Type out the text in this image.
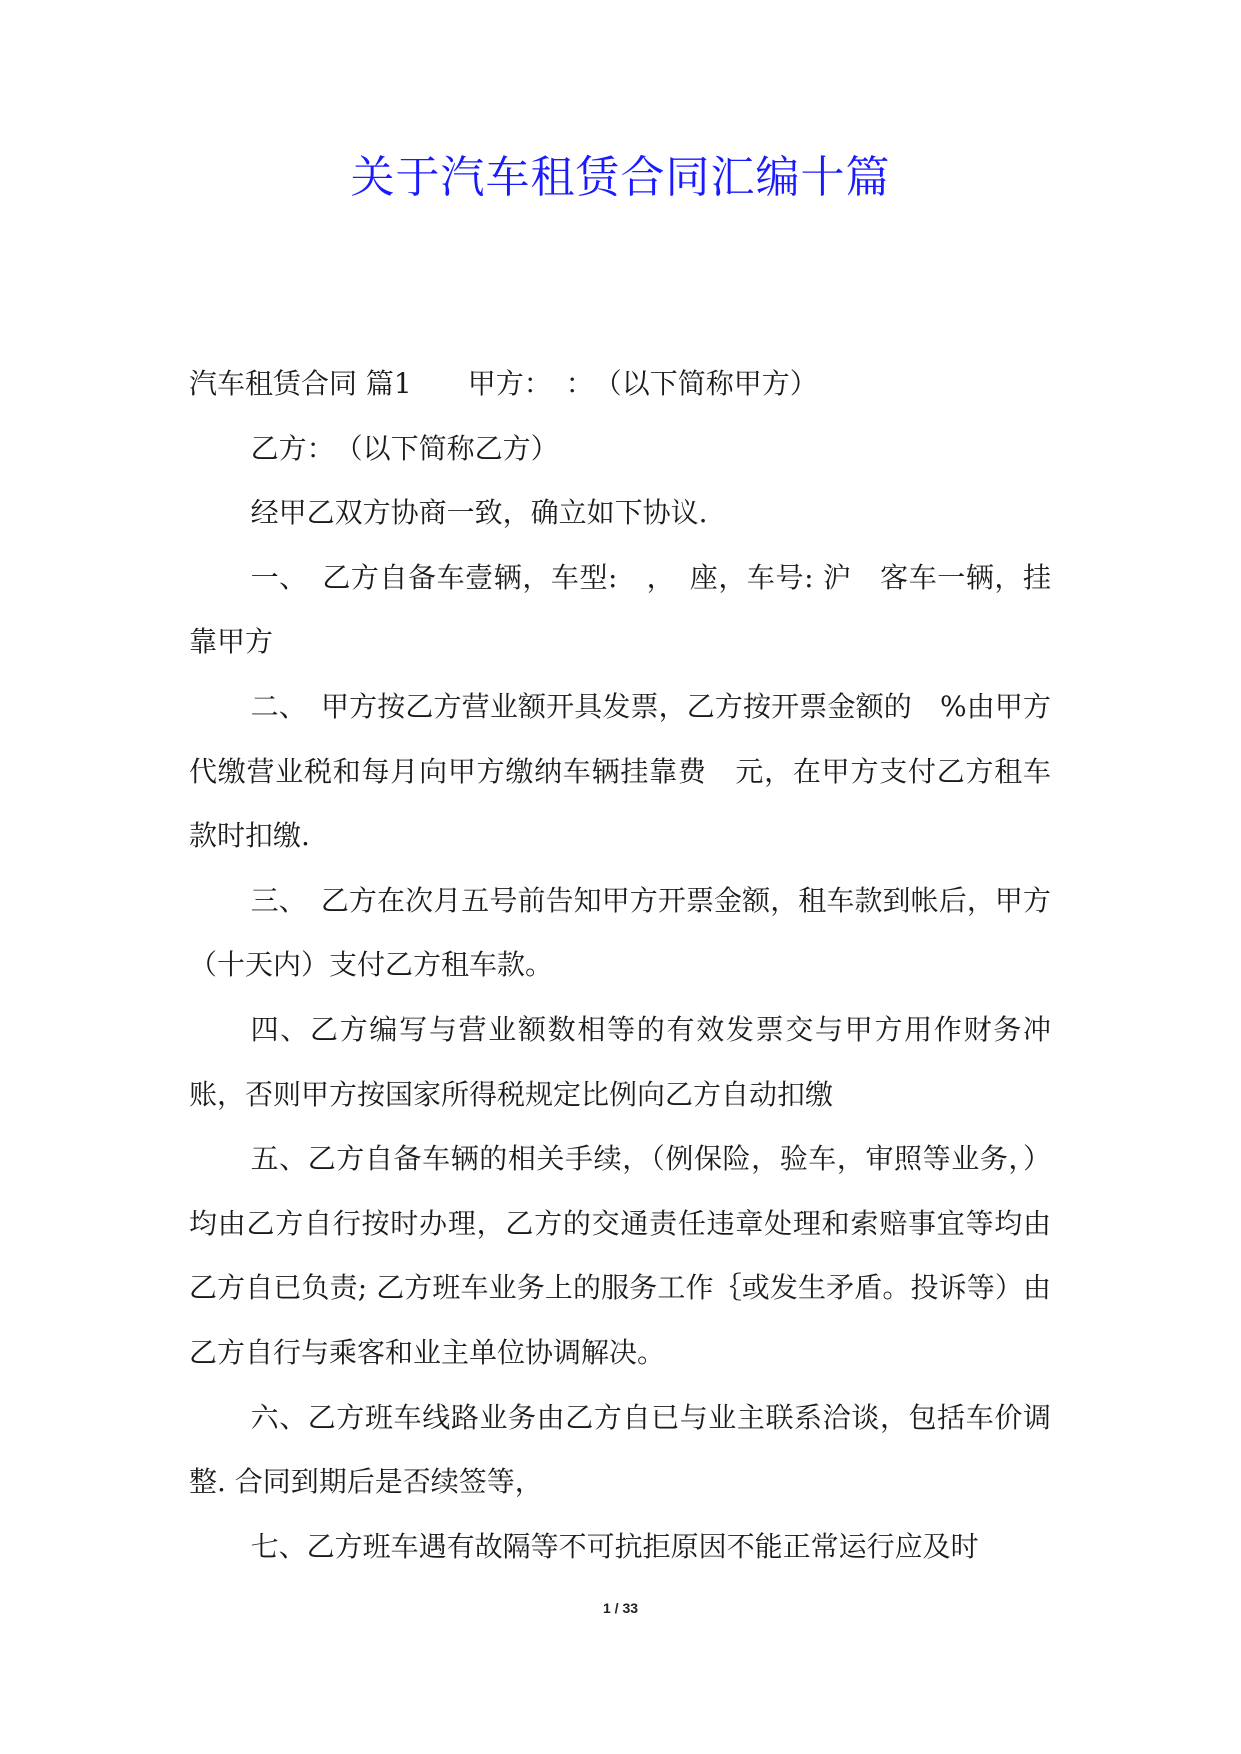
关于汽车租赁合同汇编十篇

汽车租赁合同 篇1　　甲方：　：　（以下简称甲方）

乙方：　（以下简称乙方）

经甲乙双方协商一致，确立如下协议.

一、　乙方自备车壹辆，车型:　，　座，车号: 沪　客车一辆，挂靠甲方

二、　甲方按乙方营业额开具发票，乙方按开票金额的　%由甲方代缴营业税和每月向甲方缴纳车辆挂靠费　元，在甲方支付乙方租车款时扣缴.

三、　乙方在次月五号前告知甲方开票金额，租车款到帐后，甲方（十天内）支付乙方租车款。

四、乙方编写与营业额数相等的有效发票交与甲方用作财务冲账，否则甲方按国家所得税规定比例向乙方自动扣缴

五、乙方自备车辆的相关手续，（例保险，验车，审照等业务，）均由乙方自行按时办理，乙方的交通责任违章处理和索赔事宜等均由乙方自已负责; 乙方班车业务上的服务工作｛或发生矛盾。投诉等）由乙方自行与乘客和业主单位协调解决。

六、乙方班车线路业务由乙方自已与业主联系洽谈，包括车价调整. 合同到期后是否续签等，

七、乙方班车遇有故隔等不可抗拒原因不能正常运行应及时

1 / 33
